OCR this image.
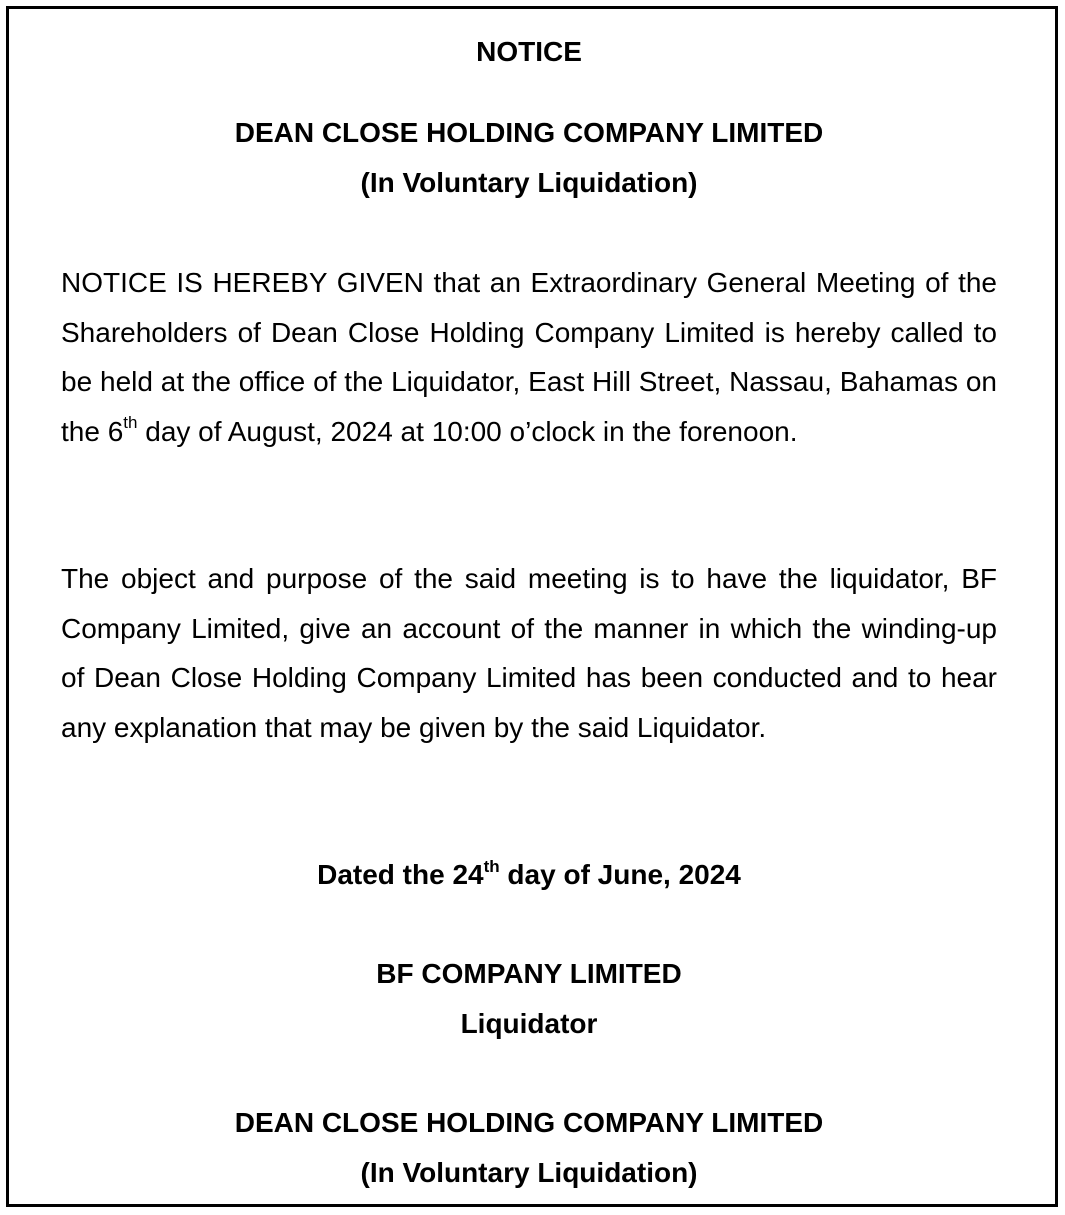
NOTICE

DEAN CLOSE HOLDING COMPANY LIMITED

(In Voluntary Liquidation)

NOTICE IS HEREBY GIVEN that an Extraordinary General Meeting of the Shareholders of Dean Close Holding Company Limited is hereby called to be held at the office of the Liquidator, East Hill Street, Nassau, Bahamas on the 6th day of August, 2024 at 10:00 o’clock in the forenoon.

The object and purpose of the said meeting is to have the liquidator, BF Company Limited, give an account of the manner in which the winding-up of Dean Close Holding Company Limited has been conducted and to hear any explanation that may be given by the said Liquidator.

Dated the 24th day of June, 2024

BF COMPANY LIMITED

Liquidator

DEAN CLOSE HOLDING COMPANY LIMITED

(In Voluntary Liquidation)
